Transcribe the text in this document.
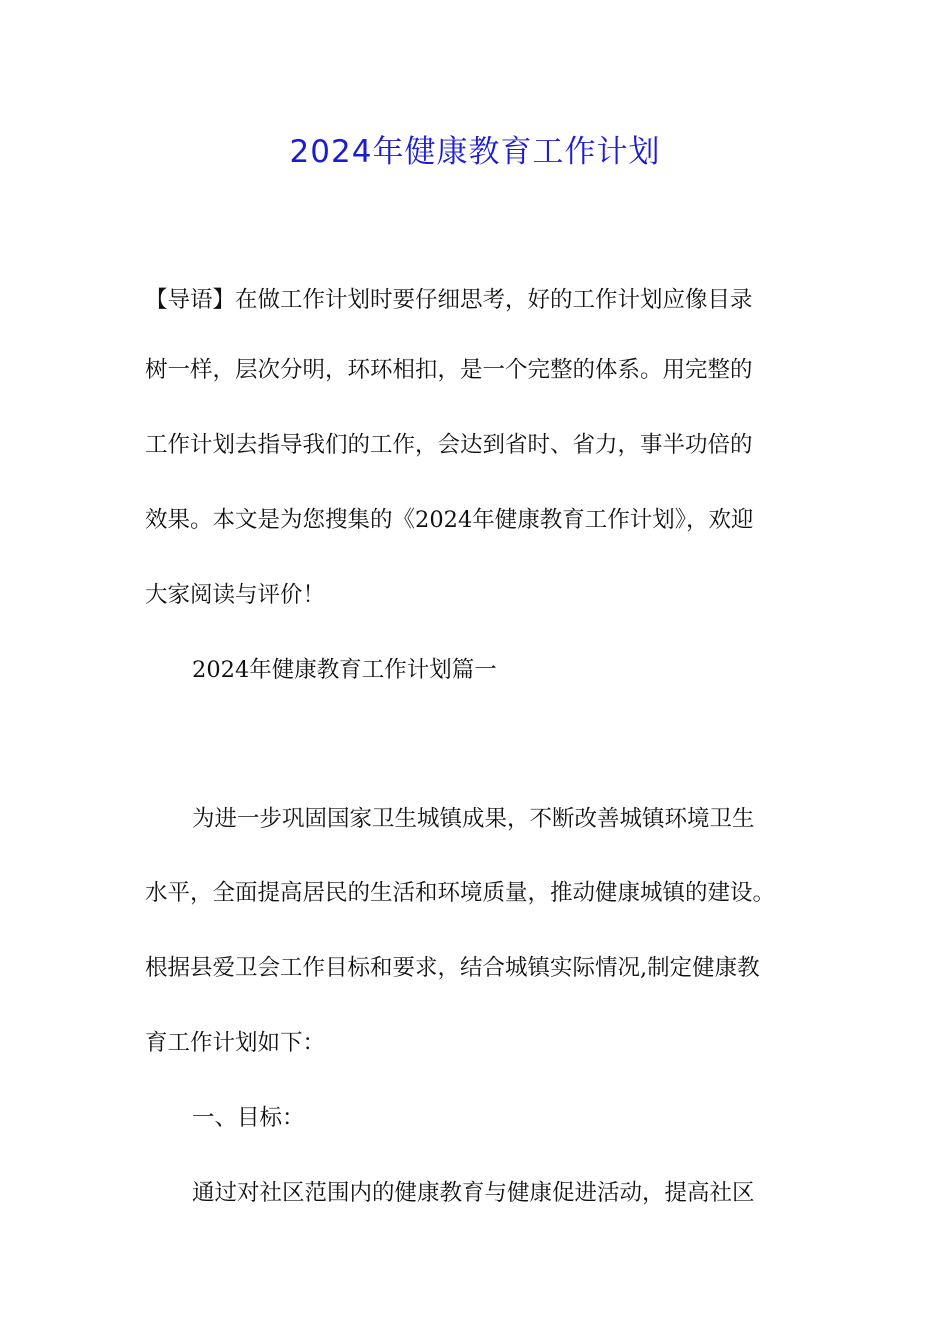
2024年健康教育工作计划
【导语】在做工作计划时要仔细思考，好的工作计划应像目录
树一样，层次分明，环环相扣，是一个完整的体系。用完整的
工作计划去指导我们的工作，会达到省时、省力，事半功倍的
效果。本文是为您搜集的《2024年健康教育工作计划》，欢迎
大家阅读与评价！
2024年健康教育工作计划篇一
为进一步巩固国家卫生城镇成果，不断改善城镇环境卫生
水平，全面提高居民的生活和环境质量，推动健康城镇的建设。
根据县爱卫会工作目标和要求，结合城镇实际情况,制定健康教
育工作计划如下：
一、目标：
通过对社区范围内的健康教育与健康促进活动，提高社区
